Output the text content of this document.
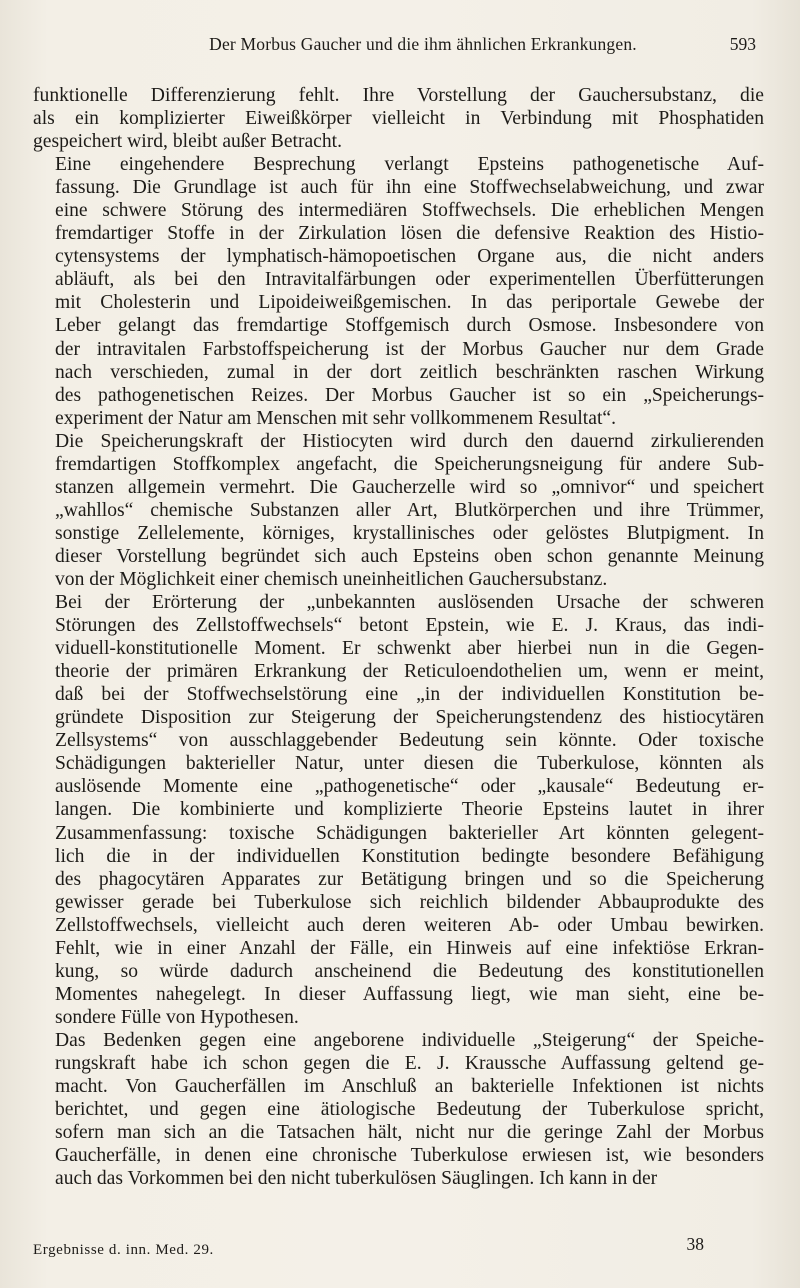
Der Morbus Gaucher und die ihm ähnlichen Erkrankungen.	593

funktionelle Differenzierung fehlt. Ihre Vorstellung der Gauchersubstanz, die
als ein komplizierter Eiweißkörper vielleicht in Verbindung mit Phosphatiden
gespeichert wird, bleibt außer Betracht.

Eine eingehendere Besprechung verlangt Epsteins pathogenetische Auf-
fassung. Die Grundlage ist auch für ihn eine Stoffwechselabweichung, und zwar
eine schwere Störung des intermediären Stoffwechsels. Die erheblichen Mengen
fremdartiger Stoffe in der Zirkulation lösen die defensive Reaktion des Histio-
cytensystems der lymphatisch-hämopoetischen Organe aus, die nicht anders
abläuft, als bei den Intravitalfärbungen oder experimentellen Überfütterungen
mit Cholesterin und Lipoideiweißgemischen. In das periportale Gewebe der
Leber gelangt das fremdartige Stoffgemisch durch Osmose. Insbesondere von
der intravitalen Farbstoffspeicherung ist der Morbus Gaucher nur dem Grade
nach verschieden, zumal in der dort zeitlich beschränkten raschen Wirkung
des pathogenetischen Reizes. Der Morbus Gaucher ist so ein „Speicherungs-
experiment der Natur am Menschen mit sehr vollkommenem Resultat“.

Die Speicherungskraft der Histiocyten wird durch den dauernd zirkulierenden
fremdartigen Stoffkomplex angefacht, die Speicherungsneigung für andere Sub-
stanzen allgemein vermehrt. Die Gaucherzelle wird so „omnivor“ und speichert
„wahllos“ chemische Substanzen aller Art, Blutkörperchen und ihre Trümmer,
sonstige Zellelemente, körniges, krystallinisches oder gelöstes Blutpigment. In
dieser Vorstellung begründet sich auch Epsteins oben schon genannte Meinung
von der Möglichkeit einer chemisch uneinheitlichen Gauchersubstanz.

Bei der Erörterung der „unbekannten auslösenden Ursache der schweren
Störungen des Zellstoffwechsels“ betont Epstein, wie E. J. Kraus, das indi-
viduell-konstitutionelle Moment. Er schwenkt aber hierbei nun in die Gegen-
theorie der primären Erkrankung der Reticuloendothelien um, wenn er meint,
daß bei der Stoffwechselstörung eine „in der individuellen Konstitution be-
gründete Disposition zur Steigerung der Speicherungstendenz des histiocytären
Zellsystems“ von ausschlaggebender Bedeutung sein könnte. Oder toxische
Schädigungen bakterieller Natur, unter diesen die Tuberkulose, könnten als
auslösende Momente eine „pathogenetische“ oder „kausale“ Bedeutung er-
langen. Die kombinierte und komplizierte Theorie Epsteins lautet in ihrer
Zusammenfassung: toxische Schädigungen bakterieller Art könnten gelegent-
lich die in der individuellen Konstitution bedingte besondere Befähigung
des phagocytären Apparates zur Betätigung bringen und so die Speicherung
gewisser gerade bei Tuberkulose sich reichlich bildender Abbauprodukte des
Zellstoffwechsels, vielleicht auch deren weiteren Ab- oder Umbau bewirken.
Fehlt, wie in einer Anzahl der Fälle, ein Hinweis auf eine infektiöse Erkran-
kung, so würde dadurch anscheinend die Bedeutung des konstitutionellen
Momentes nahegelegt. In dieser Auffassung liegt, wie man sieht, eine be-
sondere Fülle von Hypothesen.

Das Bedenken gegen eine angeborene individuelle „Steigerung“ der Speiche-
rungskraft habe ich schon gegen die E. J. Kraussche Auffassung geltend ge-
macht. Von Gaucherfällen im Anschluß an bakterielle Infektionen ist nichts
berichtet, und gegen eine ätiologische Bedeutung der Tuberkulose spricht,
sofern man sich an die Tatsachen hält, nicht nur die geringe Zahl der Morbus
Gaucherfälle, in denen eine chronische Tuberkulose erwiesen ist, wie besonders
auch das Vorkommen bei den nicht tuberkulösen Säuglingen. Ich kann in der

Ergebnisse d. inn. Med. 29.	38
